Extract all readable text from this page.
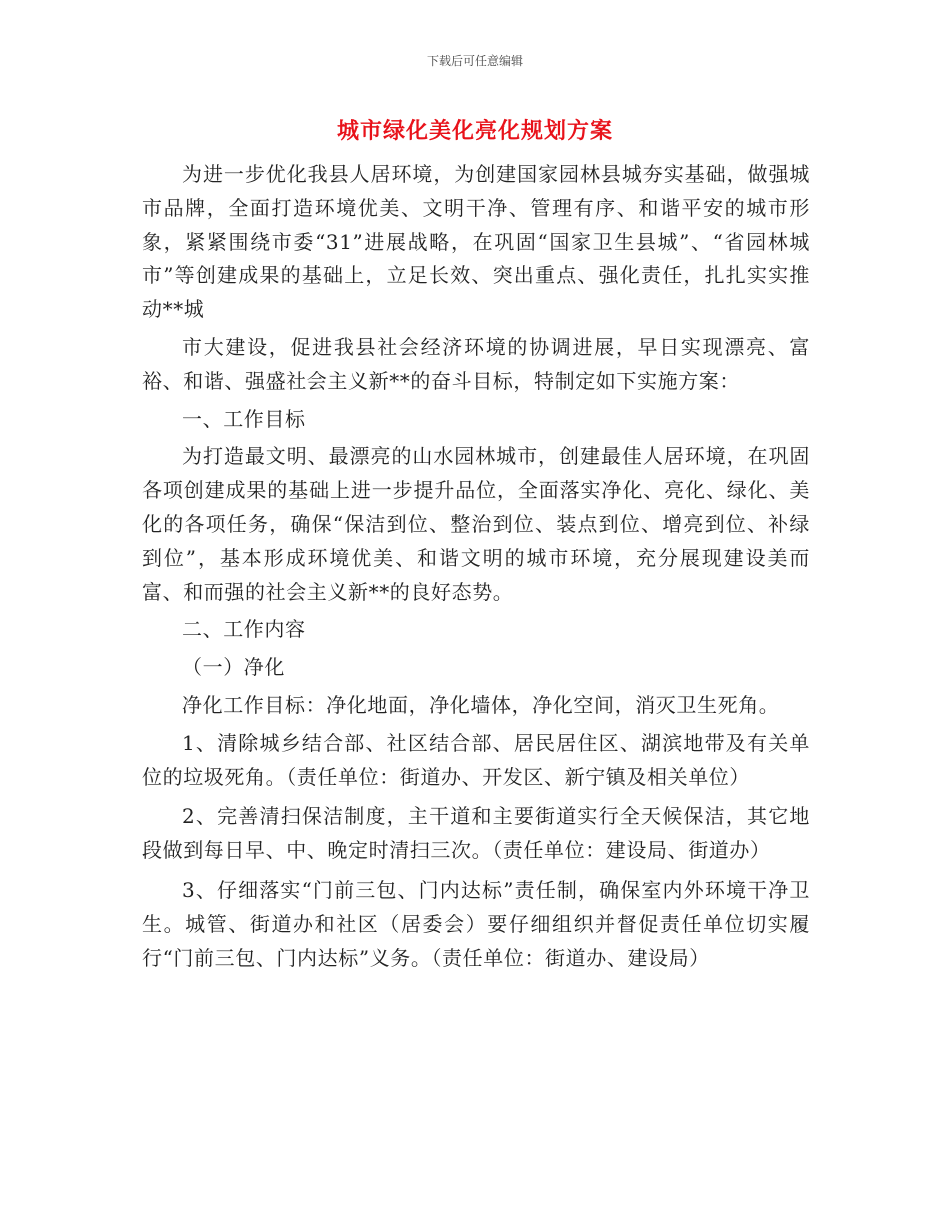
下载后可任意编辑
城市绿化美化亮化规划方案

为进一步优化我县人居环境，为创建国家园林县城夯实基础，做强城市品牌，全面打造环境优美、文明干净、管理有序、和谐平安的城市形象，紧紧围绕市委“31”进展战略，在巩固“国家卫生县城”、“省园林城市”等创建成果的基础上，立足长效、突出重点、强化责任，扎扎实实推动**城

市大建设，促进我县社会经济环境的协调进展，早日实现漂亮、富裕、和谐、强盛社会主义新**的奋斗目标，特制定如下实施方案：

一、工作目标

为打造最文明、最漂亮的山水园林城市，创建最佳人居环境，在巩固各项创建成果的基础上进一步提升品位，全面落实净化、亮化、绿化、美化的各项任务，确保“保洁到位、整治到位、装点到位、增亮到位、补绿到位”，基本形成环境优美、和谐文明的城市环境，充分展现建设美而富、和而强的社会主义新**的良好态势。

二、工作内容

（一）净化

净化工作目标：净化地面，净化墙体，净化空间，消灭卫生死角。

1、清除城乡结合部、社区结合部、居民居住区、湖滨地带及有关单位的垃圾死角。（责任单位：街道办、开发区、新宁镇及相关单位）

2、完善清扫保洁制度，主干道和主要街道实行全天候保洁，其它地段做到每日早、中、晚定时清扫三次。（责任单位：建设局、街道办）

3、仔细落实“门前三包、门内达标”责任制，确保室内外环境干净卫生。城管、街道办和社区（居委会）要仔细组织并督促责任单位切实履行“门前三包、门内达标”义务。（责任单位：街道办、建设局）
